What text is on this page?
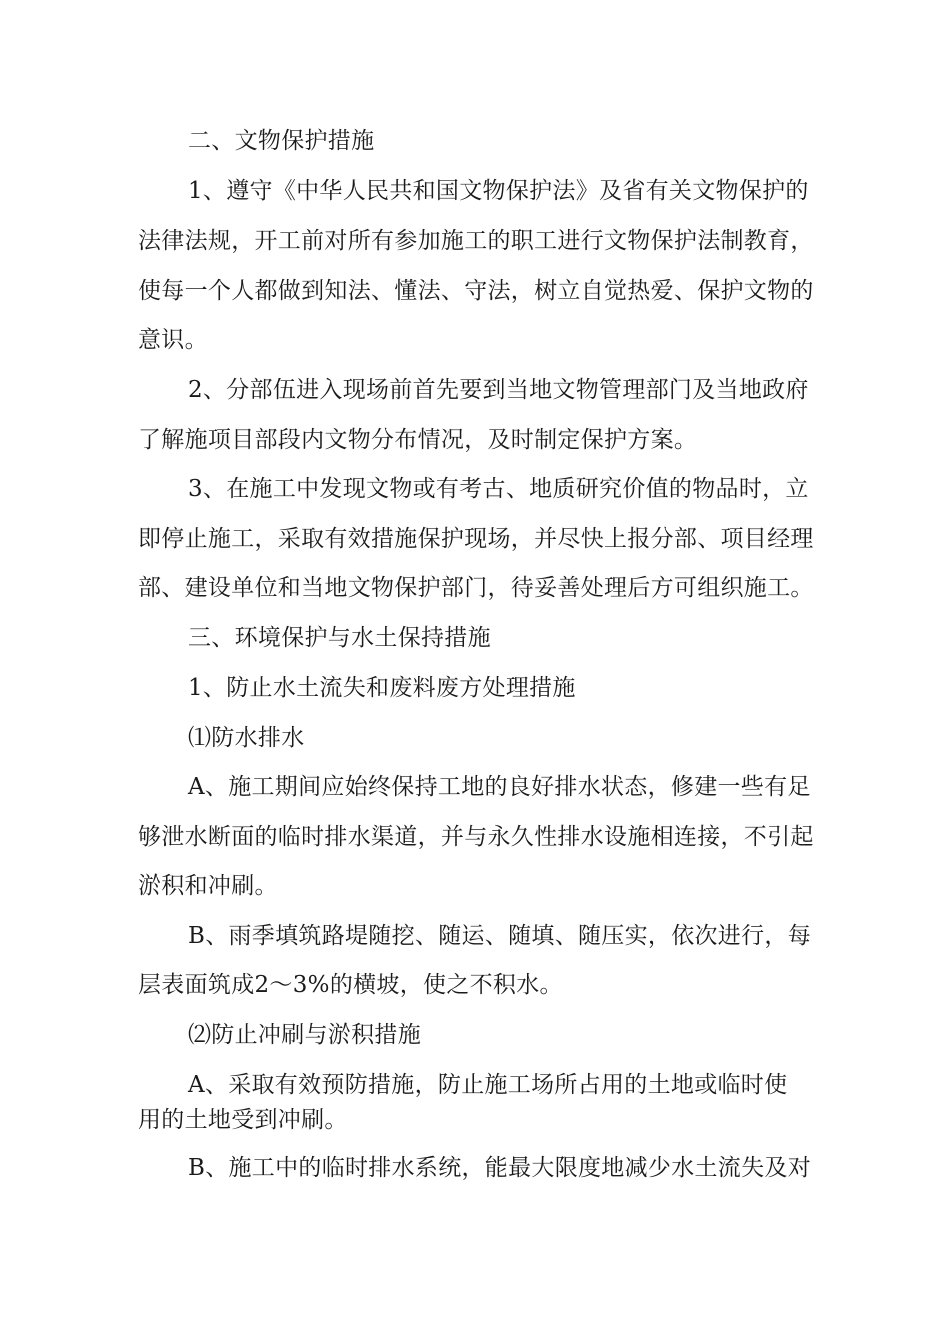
二、文物保护措施
1、遵守《中华人民共和国文物保护法》及省有关文物保护的
法律法规，开工前对所有参加施工的职工进行文物保护法制教育，
使每一个人都做到知法、懂法、守法，树立自觉热爱、保护文物的
意识。
2、分部伍进入现场前首先要到当地文物管理部门及当地政府
了解施项目部段内文物分布情况，及时制定保护方案。
3、在施工中发现文物或有考古、地质研究价值的物品时，立
即停止施工，采取有效措施保护现场，并尽快上报分部、项目经理
部、建设单位和当地文物保护部门，待妥善处理后方可组织施工。
三、环境保护与水土保持措施
1、防止水土流失和废料废方处理措施
⑴防水排水
A、施工期间应始终保持工地的良好排水状态，修建一些有足
够泄水断面的临时排水渠道，并与永久性排水设施相连接，不引起
淤积和冲刷。
B、雨季填筑路堤随挖、随运、随填、随压实，依次进行，每
层表面筑成2〜3%的横坡，使之不积水。
⑵防止冲刷与淤积措施
A、采取有效预防措施，防止施工场所占用的土地或临时使
用的土地受到冲刷。
B、施工中的临时排水系统，能最大限度地减少水土流失及对
